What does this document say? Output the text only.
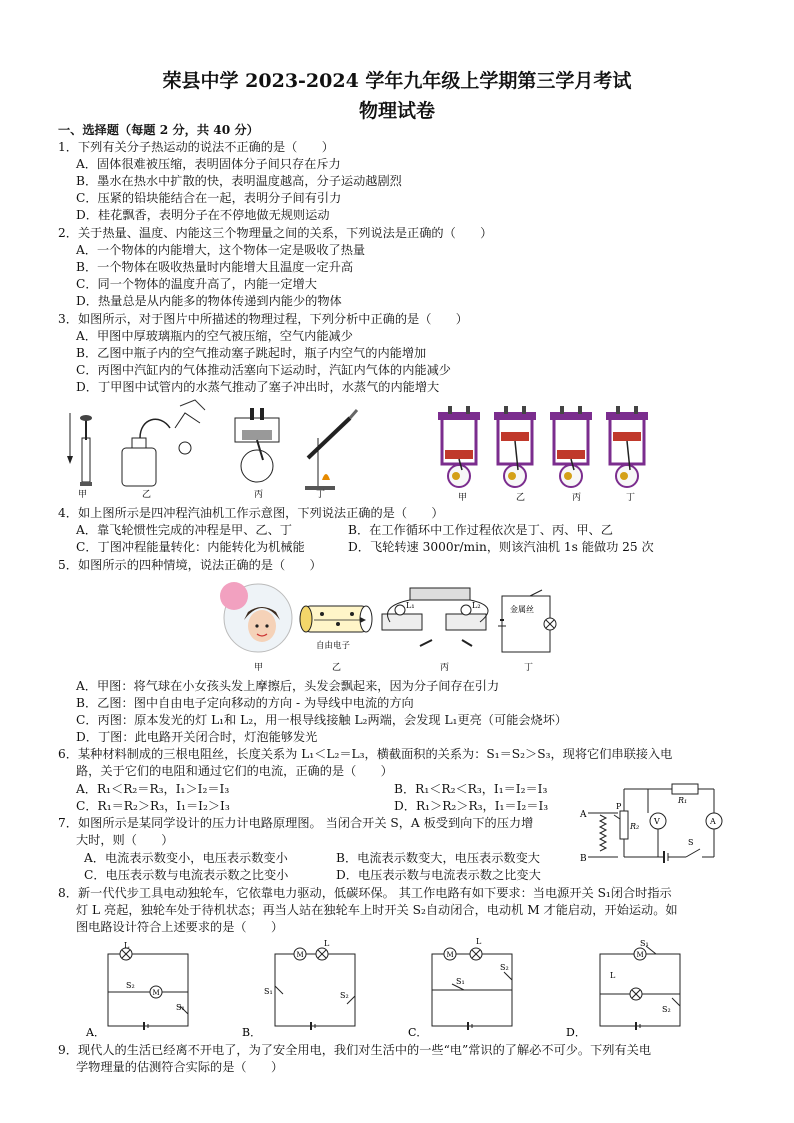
荣县中学 2023-2024 学年九年级上学期第三学月考试
物理试卷
一、选择题（每题 2 分，共 40 分）
1．下列有关分子热运动的说法不正确的是（　　）
A．固体很难被压缩，表明固体分子间只存在斥力
B．墨水在热水中扩散的快，表明温度越高，分子运动越剧烈
C．压紧的铅块能结合在一起，表明分子间有引力
D．桂花飘香，表明分子在不停地做无规则运动
2．关于热量、温度、内能这三个物理量之间的关系，下列说法是正确的（　　）
A．一个物体的内能增大，这个物体一定是吸收了热量
B．一个物体在吸收热量时内能增大且温度一定升高
C．同一个物体的温度升高了，内能一定增大
D．热量总是从内能多的物体传递到内能少的物体
3．如图所示，对于图片中所描述的物理过程，下列分析中正确的是（　　）
A．甲图中厚玻璃瓶内的空气被压缩，空气内能减少
B．乙图中瓶子内的空气推动塞子跳起时，瓶子内空气的内能增加
C．丙图中汽缸内的气体推动活塞向下运动时，汽缸内气体的内能减少
D．丁甲图中试管内的水蒸气推动了塞子冲出时，水蒸气的内能增大
甲	乙	丙	丁	甲	乙	丙	丁
4．如上图所示是四冲程汽油机工作示意图，下列说法正确的是（　　）
A．靠飞轮惯性完成的冲程是甲、乙、丁	B．在工作循环中工作过程依次是丁、丙、甲、乙
C．丁图冲程能量转化：内能转化为机械能	D．飞轮转速 3000r/min，则该汽油机 1s 能做功 25 次
5．如图所示的四种情境，说法正确的是（　　）
甲
自由电子
乙
L₁	L₂
丙
金属丝
丁
A．甲图：将气球在小女孩头发上摩擦后，头发会飘起来，因为分子间存在引力
B．乙图：图中自由电子定向移动的方向 - 为导线中电流的方向
C．丙图：原本发光的灯 L₁和 L₂，用一根导线接触 L₂两端，会发现 L₁更亮（可能会烧坏）
D．丁图：此电路开关闭合时，灯泡能够发光
6．某种材料制成的三根电阻丝，长度关系为 L₁＜L₂＝L₃，横截面积的关系为：S₁＝S₂＞S₃，现将它们串联接入电
路，关于它们的电阻和通过它们的电流，正确的是（　　）
A．R₁＜R₂＝R₃，I₁＞I₂＝I₃	B．R₁＜R₂＜R₃，I₁＝I₂＝I₃
C．R₁＝R₂＞R₃，I₁＝I₂＞I₃	D．R₁＞R₂＞R₃，I₁＝I₂＝I₃
7．如图所示是某同学设计的压力计电路原理图。 当闭合开关 S，A 板受到向下的压力增
大时，则（　　）
A．电流表示数变小，电压表示数变小	B．电流表示数变大，电压表示数变大
C．电压表示数与电流表示数之比变小	D．电压表示数与电流表示数之比变大
A
B
P
R₂
R₁
V	A
S
8．新一代代步工具电动独轮车，它依靠电力驱动，低碳环保。 其工作电路有如下要求：当电源开关 S₁闭合时指示
灯 L 亮起，独轮车处于待机状态；再当人站在独轮车上时开关 S₂自动闭合，电动机 M 才能启动，开始运动。如
图电路设计符合上述要求的是（　　）
M
M	M	M
L
S₂
S₁
L
S₁	S₂
L
S₂
S₁
S₁
L
S₂
A．	B．	C．	D．
9．现代人的生活已经离不开电了，为了安全用电，我们对生活中的一些“电”常识的了解必不可少。下列有关电
学物理量的估测符合实际的是（　　）
